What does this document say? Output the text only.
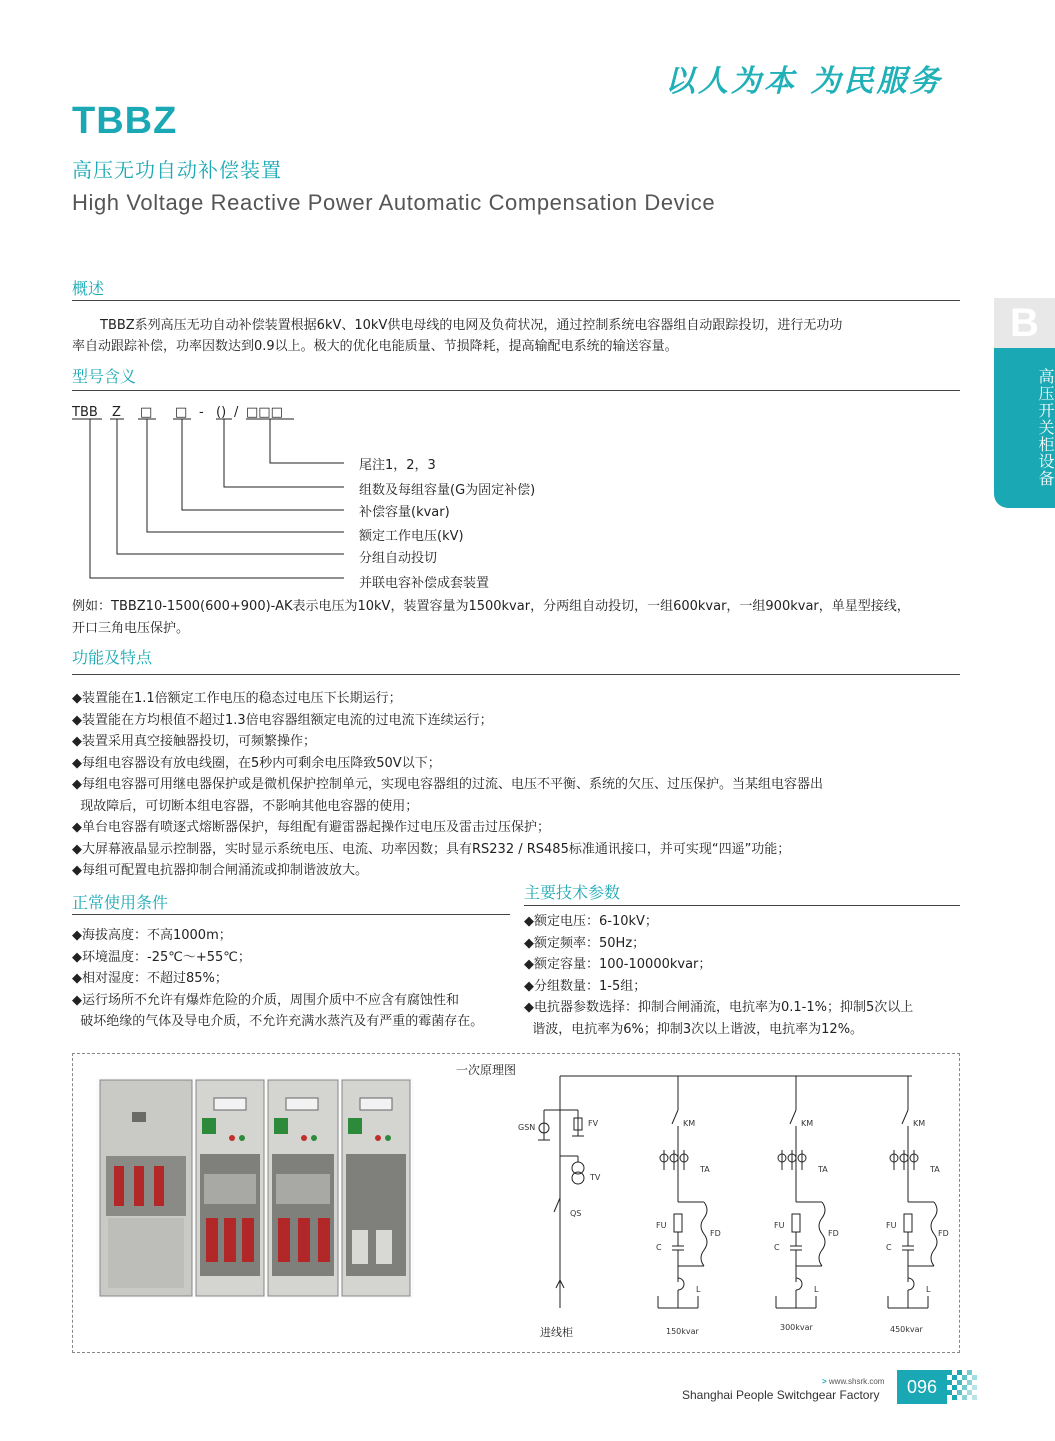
以人为本 为民服务
TBBZ
高压无功自动补偿装置
High Voltage Reactive Power Automatic Compensation Device
B
高压开关柜设备
概述
TBBZ系列高压无功自动补偿装置根据6kV、10kV供电母线的电网及负荷状况，通过控制系统电容器组自动跟踪投切，进行无功功
率自动跟踪补偿，功率因数达到0.9以上。极大的优化电能质量、节损降耗，提高输配电系统的输送容量。
型号含义
TBB Z □ □ - () / □□□
尾注1，2，3
组数及每组容量(G为固定补偿)
补偿容量(kvar)
额定工作电压(kV)
分组自动投切
并联电容补偿成套装置
例如：TBBZ10-1500(600+900)-AK表示电压为10kV，装置容量为1500kvar，分两组自动投切，一组600kvar，一组900kvar，单星型接线，
开口三角电压保护。
功能及特点
◆装置能在1.1倍额定工作电压的稳态过电压下长期运行；
◆装置能在方均根值不超过1.3倍电容器组额定电流的过电流下连续运行；
◆装置采用真空接触器投切，可频繁操作；
◆每组电容器设有放电线圈，在5秒内可剩余电压降致50V以下；
◆每组电容器可用继电器保护或是微机保护控制单元，实现电容器组的过流、电压不平衡、系统的欠压、过压保护。当某组电容器出
现故障后，可切断本组电容器，不影响其他电容器的使用；
◆单台电容器有喷逐式熔断器保护，每组配有避雷器起操作过电压及雷击过压保护；
◆大屏幕液晶显示控制器，实时显示系统电压、电流、功率因数；具有RS232 / RS485标准通讯接口，并可实现“四遥”功能；
◆每组可配置电抗器抑制合闸涌流或抑制谐波放大。
正常使用条件
◆海拔高度：不高1000m；
◆环境温度：-25℃～+55℃；
◆相对湿度：不超过85%；
◆运行场所不允许有爆炸危险的介质，周围介质中不应含有腐蚀性和
破坏绝缘的气体及导电介质，不允许充满水蒸汽及有严重的霉菌存在。
主要技术参数
◆额定电压：6-10kV；
◆额定频率：50Hz；
◆额定容量：100-10000kvar；
◆分组数量：1-5组；
◆电抗器参数选择：抑制合闸涌流，电抗率为0.1-1%；抑制5次以上
谐波，电抗率为6%；抑制3次以上谐波，电抗率为12%。
一次原理图
GSN	FV
TV
QS
KM
TA
FU
C
FD
L
KM
TA
FU
C
FD
L
KM
TA
FU
C
FD
L
150kvar	300kvar	450kvar
进线柜
> www.shsrk.com
Shanghai People Switchgear Factory	096
